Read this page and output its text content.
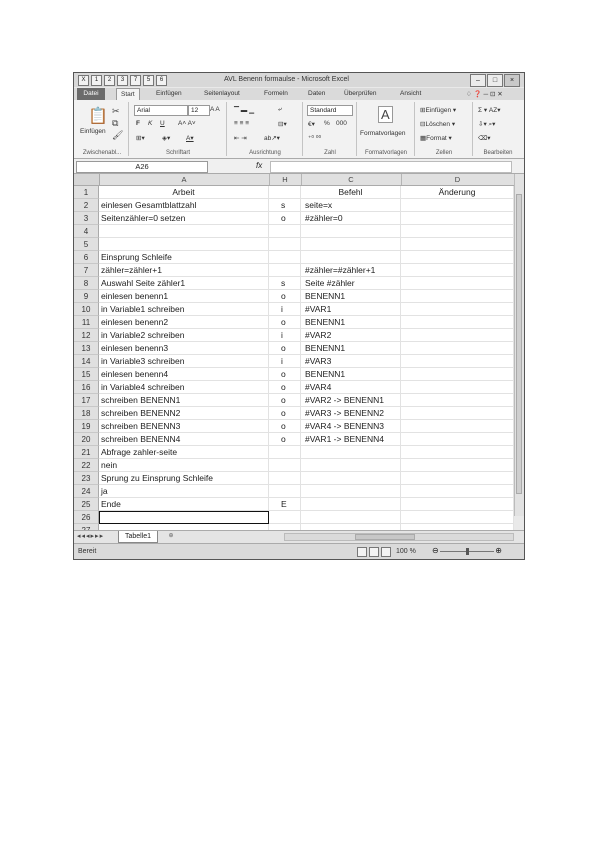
X	1	2	3	7	5	6	AVL Benenn formaulse - Microsoft Excel	–	□	×
Datei	Start	Einfügen	Seitenlayout	Formeln	Daten	Überprüfen	Ansicht	♢ ❓ ─ ⊡ ✕
📋
Einfügen
✂
⧉
🖌
Zwischenabl...
Arial	12	A A
F K U A˄ A˅
⊞▾	◈▾ A▾
Schriftart
▔ ▬ ▁	⤶
≡ ≡ ≡	⊟▾
⇤ ⇥	ab↗▾
Ausrichtung
Standard
€▾ % 000
⁺⁰ ⁰⁰
Zahl
A
Formatvorlagen
Formatvorlagen
⊞Einfügen ▾
⊟Löschen ▾
▦Format ▾
Zellen
Σ ▾ AZ▾
⇩▾ ⌕▾
⌫▾
Bearbeiten
A26	fx
A	H	C	D
1	Arbeit	Befehl	Änderung
2	einlesen Gesamtblattzahl	s	seite=x
3	Seitenzähler=0 setzen	o	#zähler=0
4
5
6	Einsprung Schleife
7	zähler=zähler+1	#zähler=#zähler+1
8	Auswahl Seite zähler1	s	Seite #zähler
9	einlesen benenn1	o	BENENN1
10	in Variable1 schreiben	i	#VAR1
11	einlesen benenn2	o	BENENN1
12	in Variable2 schreiben	i	#VAR2
13	einlesen benenn3	o	BENENN1
14	in Variable3 schreiben	i	#VAR3
15	einlesen benenn4	o	BENENN1
16	in Variable4 schreiben	o	#VAR4
17	schreiben BENENN1	o	#VAR2 -> BENENN1
18	schreiben BENENN2	o	#VAR3 -> BENENN2
19	schreiben BENENN3	o	#VAR4 -> BENENN3
20	schreiben BENENN4	o	#VAR1 -> BENENN4
21	Abfrage zahler-seite
22	nein
23	Sprung zu Einsprung Schleife
24	ja
25	Ende	E
26
◂◂◂▸▸▸	Tabelle1	⊕
Bereit	100 % ⊖	⊕
